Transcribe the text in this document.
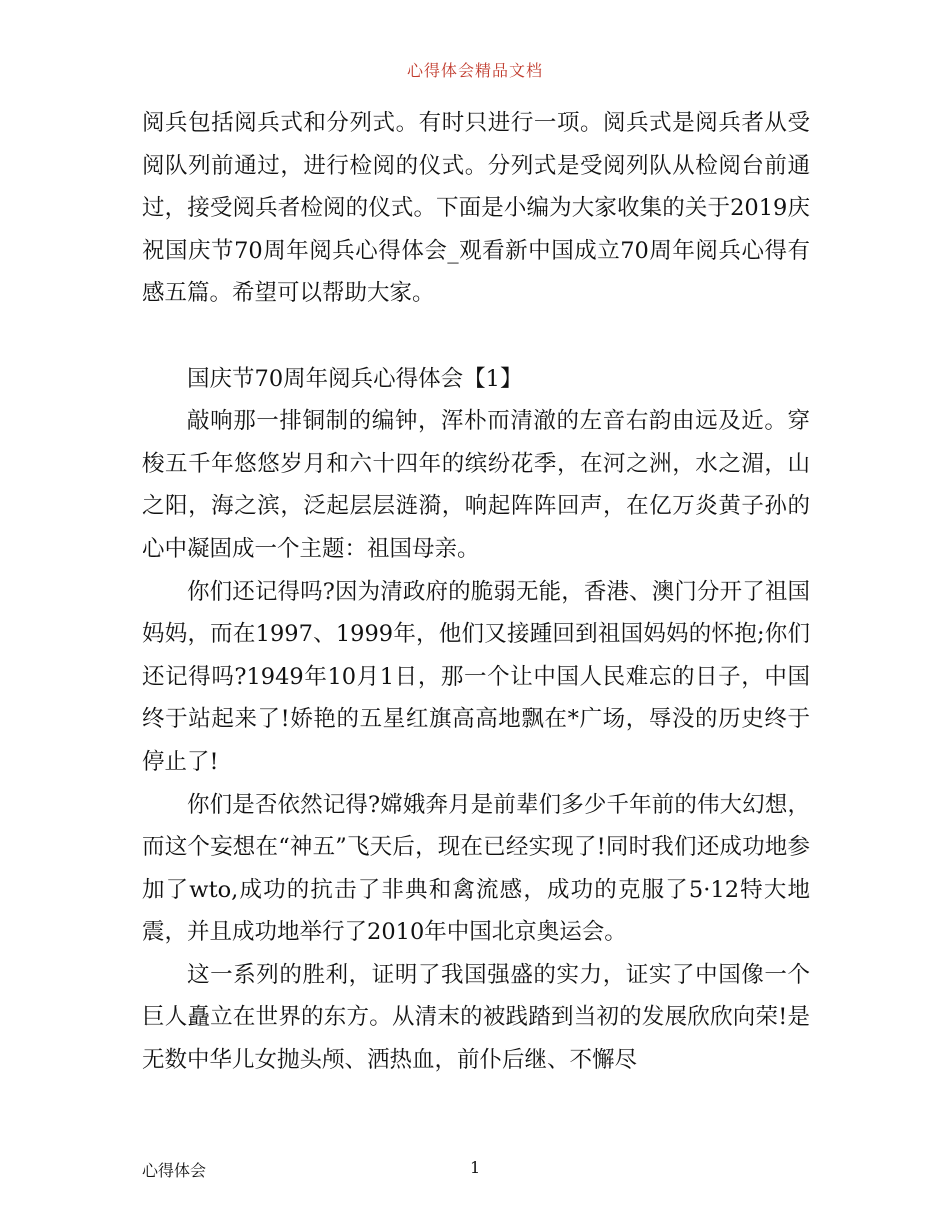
心得体会精品文档

阅兵包括阅兵式和分列式。有时只进行一项。阅兵式是阅兵者从受阅队列前通过，进行检阅的仪式。分列式是受阅列队从检阅台前通过，接受阅兵者检阅的仪式。下面是小编为大家收集的关于2019庆祝国庆节70周年阅兵心得体会_观看新中国成立70周年阅兵心得有感五篇。希望可以帮助大家。

国庆节70周年阅兵心得体会【1】

敲响那一排铜制的编钟，浑朴而清澈的左音右韵由远及近。穿梭五千年悠悠岁月和六十四年的缤纷花季，在河之洲，水之湄，山之阳，海之滨，泛起层层涟漪，响起阵阵回声，在亿万炎黄子孙的心中凝固成一个主题：祖国母亲。

你们还记得吗?因为清政府的脆弱无能，香港、澳门分开了祖国妈妈，而在1997、1999年，他们又接踵回到祖国妈妈的怀抱;你们还记得吗?1949年10月1日，那一个让中国人民难忘的日子，中国终于站起来了!娇艳的五星红旗高高地飘在*广场，辱没的历史终于停止了!

你们是否依然记得?嫦娥奔月是前辈们多少千年前的伟大幻想，而这个妄想在“神五”飞天后，现在已经实现了!同时我们还成功地参加了wto,成功的抗击了非典和禽流感，成功的克服了5·12特大地震，并且成功地举行了2010年中国北京奥运会。

这一系列的胜利，证明了我国强盛的实力，证实了中国像一个巨人矗立在世界的东方。从清末的被践踏到当初的发展欣欣向荣!是无数中华儿女抛头颅、洒热血，前仆后继、不懈尽

心得体会	1
